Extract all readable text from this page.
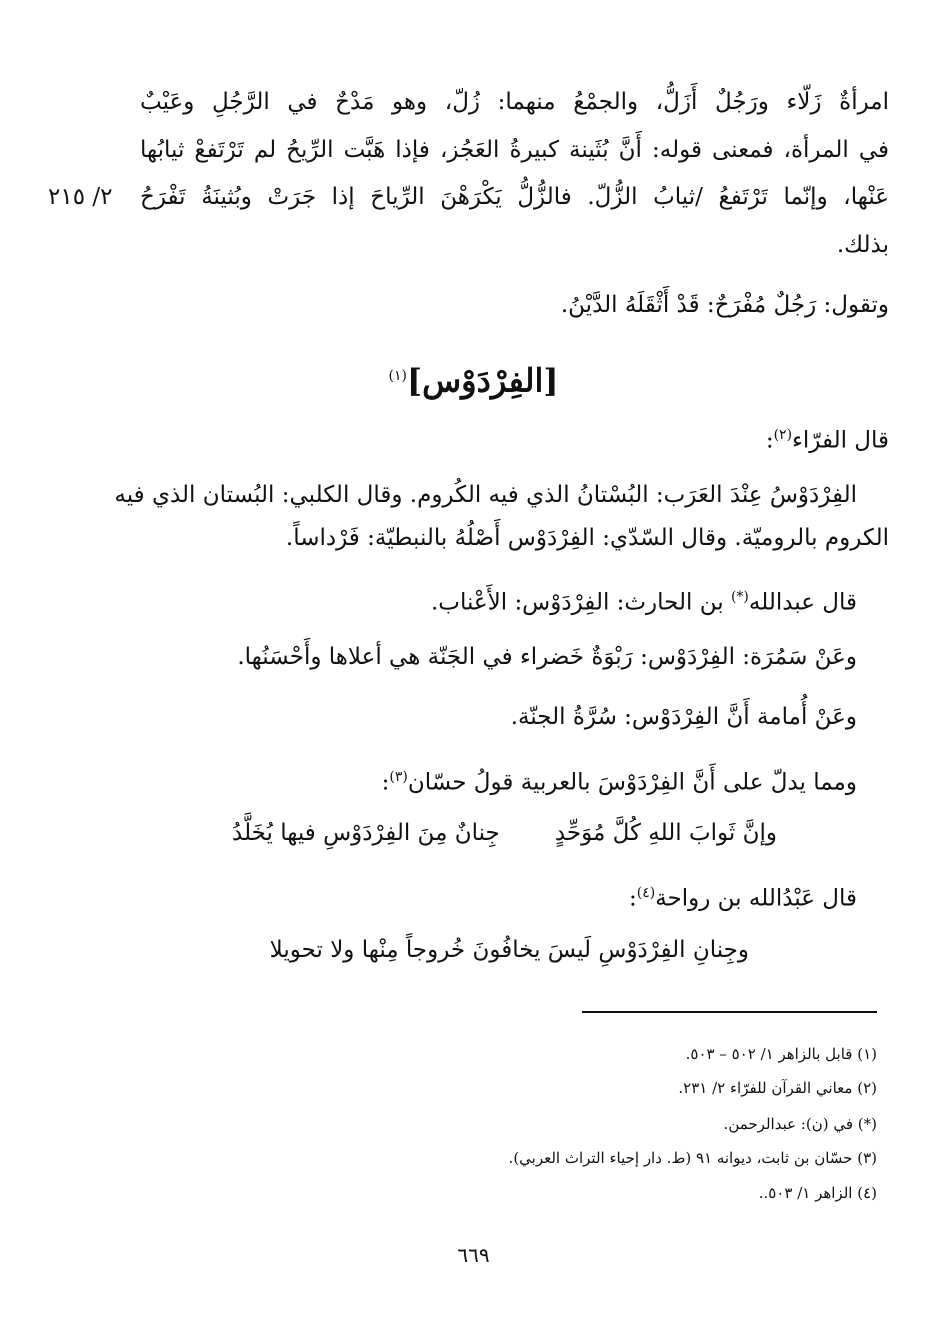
امرأةٌ زَلّاء ورَجُلٌ أَزَلُّ، والجمْعُ منهما: زُلّ، وهو مَدْحٌ في الرَّجُلِ وعَيْبٌ
في المرأة، فمعنى قوله: أَنَّ بُثَينة كبيرةُ العَجُز، فإذا هَبَّت الرِّيحُ لم تَرْتَفعْ ثيابُها
عَنْها، وإنّما تَرْتَفعُ /ثيابُ الزُّلّ. فالزُّلُّ يَكْرَهْنَ الرِّياحَ إذا جَرَتْ وبُثينَةُ تَفْرَحُ
٢/ ٢١٥
بذلك.
وتقول: رَجُلٌ مُفْرَحٌ: قَدْ أَثْقَلَهُ الدَّيْنُ.
[الفِرْدَوْس]$^{(١)}$
قال الفرّاء$^{(٢)}$:
الفِرْدَوْسُ عِنْدَ العَرَب: البُسْتانُ الذي فيه الكُروم. وقال الكلبي: البُستان الذي فيه
الكروم بالروميّة. وقال السّدّي: الفِرْدَوْس أَصْلُهُ بالنبطيّة: فَرْداساً.
قال عبدالله(*) بن الحارث: الفِرْدَوْس: الأَعْناب.
وعَنْ سَمُرَة: الفِرْدَوْس: رَبْوَةٌ خَضراء في الجَنّة هي أعلاها وأَحْسَنُها.
وعَنْ أُمامة أَنَّ الفِرْدَوْس: سُرَّةُ الجنّة.
ومما يدلّ على أَنَّ الفِرْدَوْسَ بالعربية قولُ حسّان$^{(٣)}$:
وإنَّ ثَوابَ اللهِ كُلَّ مُوَحِّدٍ
جِنانٌ مِنَ الفِرْدَوْسِ فيها يُخَلَّدُ
قال عَبْدُالله بن رواحة$^{(٤)}$:
وجِنانِ الفِرْدَوْسِ لَيسَ يخافُونَ خُروجاً مِنْها ولا تحويلا
(١) قابل بالزاهر ١/ ٥٠٢ – ٥٠٣.
(٢) معاني القرآن للفرّاء ٢/ ٢٣١.
(*) في (ن): عبدالرحمن.
(٣) حسّان بن ثابت، ديوانه ٩١ (ط. دار إحياء التراث العربي).
(٤) الزاهر ١/ ٥٠٣..
٦٦٩
